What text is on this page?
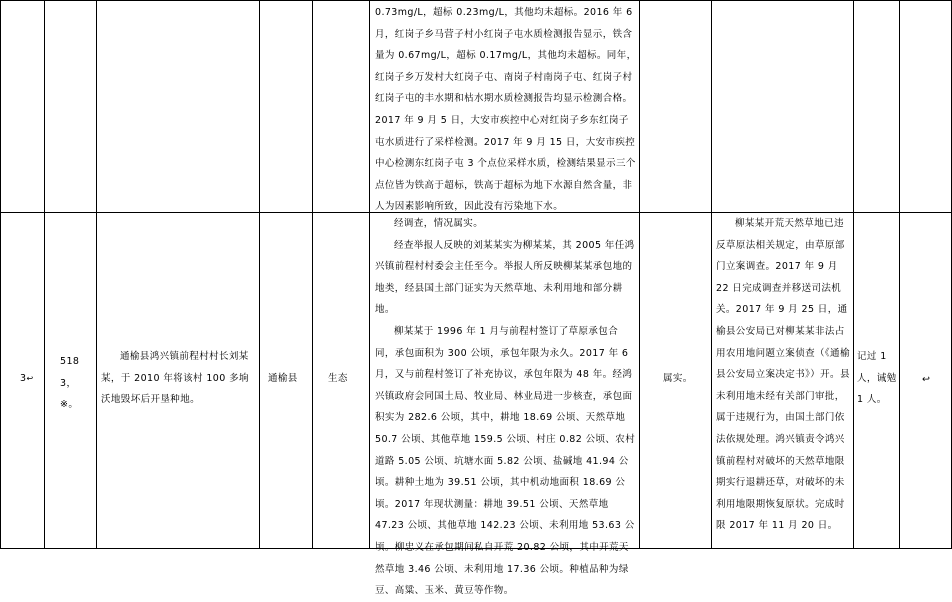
0.73mg/L，超标 0.23mg/L，其他均未超标。2016 年 6 月，红岗子乡马营子村小红岗子屯水质检测报告显示，铁含量为 0.67mg/L，超标 0.17mg/L，其他均未超标。同年，红岗子乡万发村大红岗子屯、南岗子村南岗子屯、红岗子村红岗子屯的丰水期和枯水期水质检测报告均显示检测合格。2017 年 9 月 5 日，大安市疾控中心对红岗子乡东红岗子屯水质进行了采样检测。2017 年 9 月 15 日，大安市疾控中心检测东红岗子屯 3 个点位采样水质，检测结果显示三个点位皆为铁高于超标，铁高于超标为地下水源自然含量，非人为因素影响所致，因此没有污染地下水。

3↩
5183，※。

通榆县鸿兴镇前程村村长刘某某，于 2010 年将该村 100 多垧沃地毁坏后开垦种地。

通榆县	生态

经调查，情况属实。

经查举报人反映的刘某某实为柳某某，其 2005 年任鸿兴镇前程村村委会主任至今。举报人所反映柳某某承包地的地类，经县国土部门证实为天然草地、未利用地和部分耕地。

柳某某于 1996 年 1 月与前程村签订了草原承包合同，承包面积为 300 公顷，承包年限为永久。2017 年 6 月，又与前程村签订了补充协议，承包年限为 48 年。经鸿兴镇政府会同国土局、牧业局、林业局进一步核查，承包面积实为 282.6 公顷，其中，耕地 18.69 公顷、天然草地 50.7 公顷、其他草地 159.5 公顷、村庄 0.82 公顷、农村道路 5.05 公顷、坑塘水面 5.82 公顷、盐碱地 41.94 公顷。耕种土地为 39.51 公顷，其中机动地面积 18.69 公顷。2017 年现状测量：耕地 39.51 公顷、天然草地 47.23 公顷、其他草地 142.23 公顷、未利用地 53.63 公顷。柳忠义在承包期间私自开荒 20.82 公顷，其中开荒天然草地 3.46 公顷、未利用地 17.36 公顷。种植品种为绿豆、高粱、玉米、黄豆等作物。

属实。

柳某某开荒天然草地已违反草原法相关规定，由草原部门立案调查。2017 年 9 月 22 日完成调查并移送司法机关。2017 年 9 月 25 日，通榆县公安局已对柳某某非法占用农用地问题立案侦查（《通榆县公安局立案决定书》）开。县未利用地未经有关部门审批，属于违规行为，由国土部门依法依规处理。鸿兴镇责令鸿兴镇前程村对破坏的天然草地限期实行退耕还草，对破坏的未利用地限期恢复原状。完成时限 2017 年 11 月 20 日。

记过 1 人，诫勉 1 人。
↩
